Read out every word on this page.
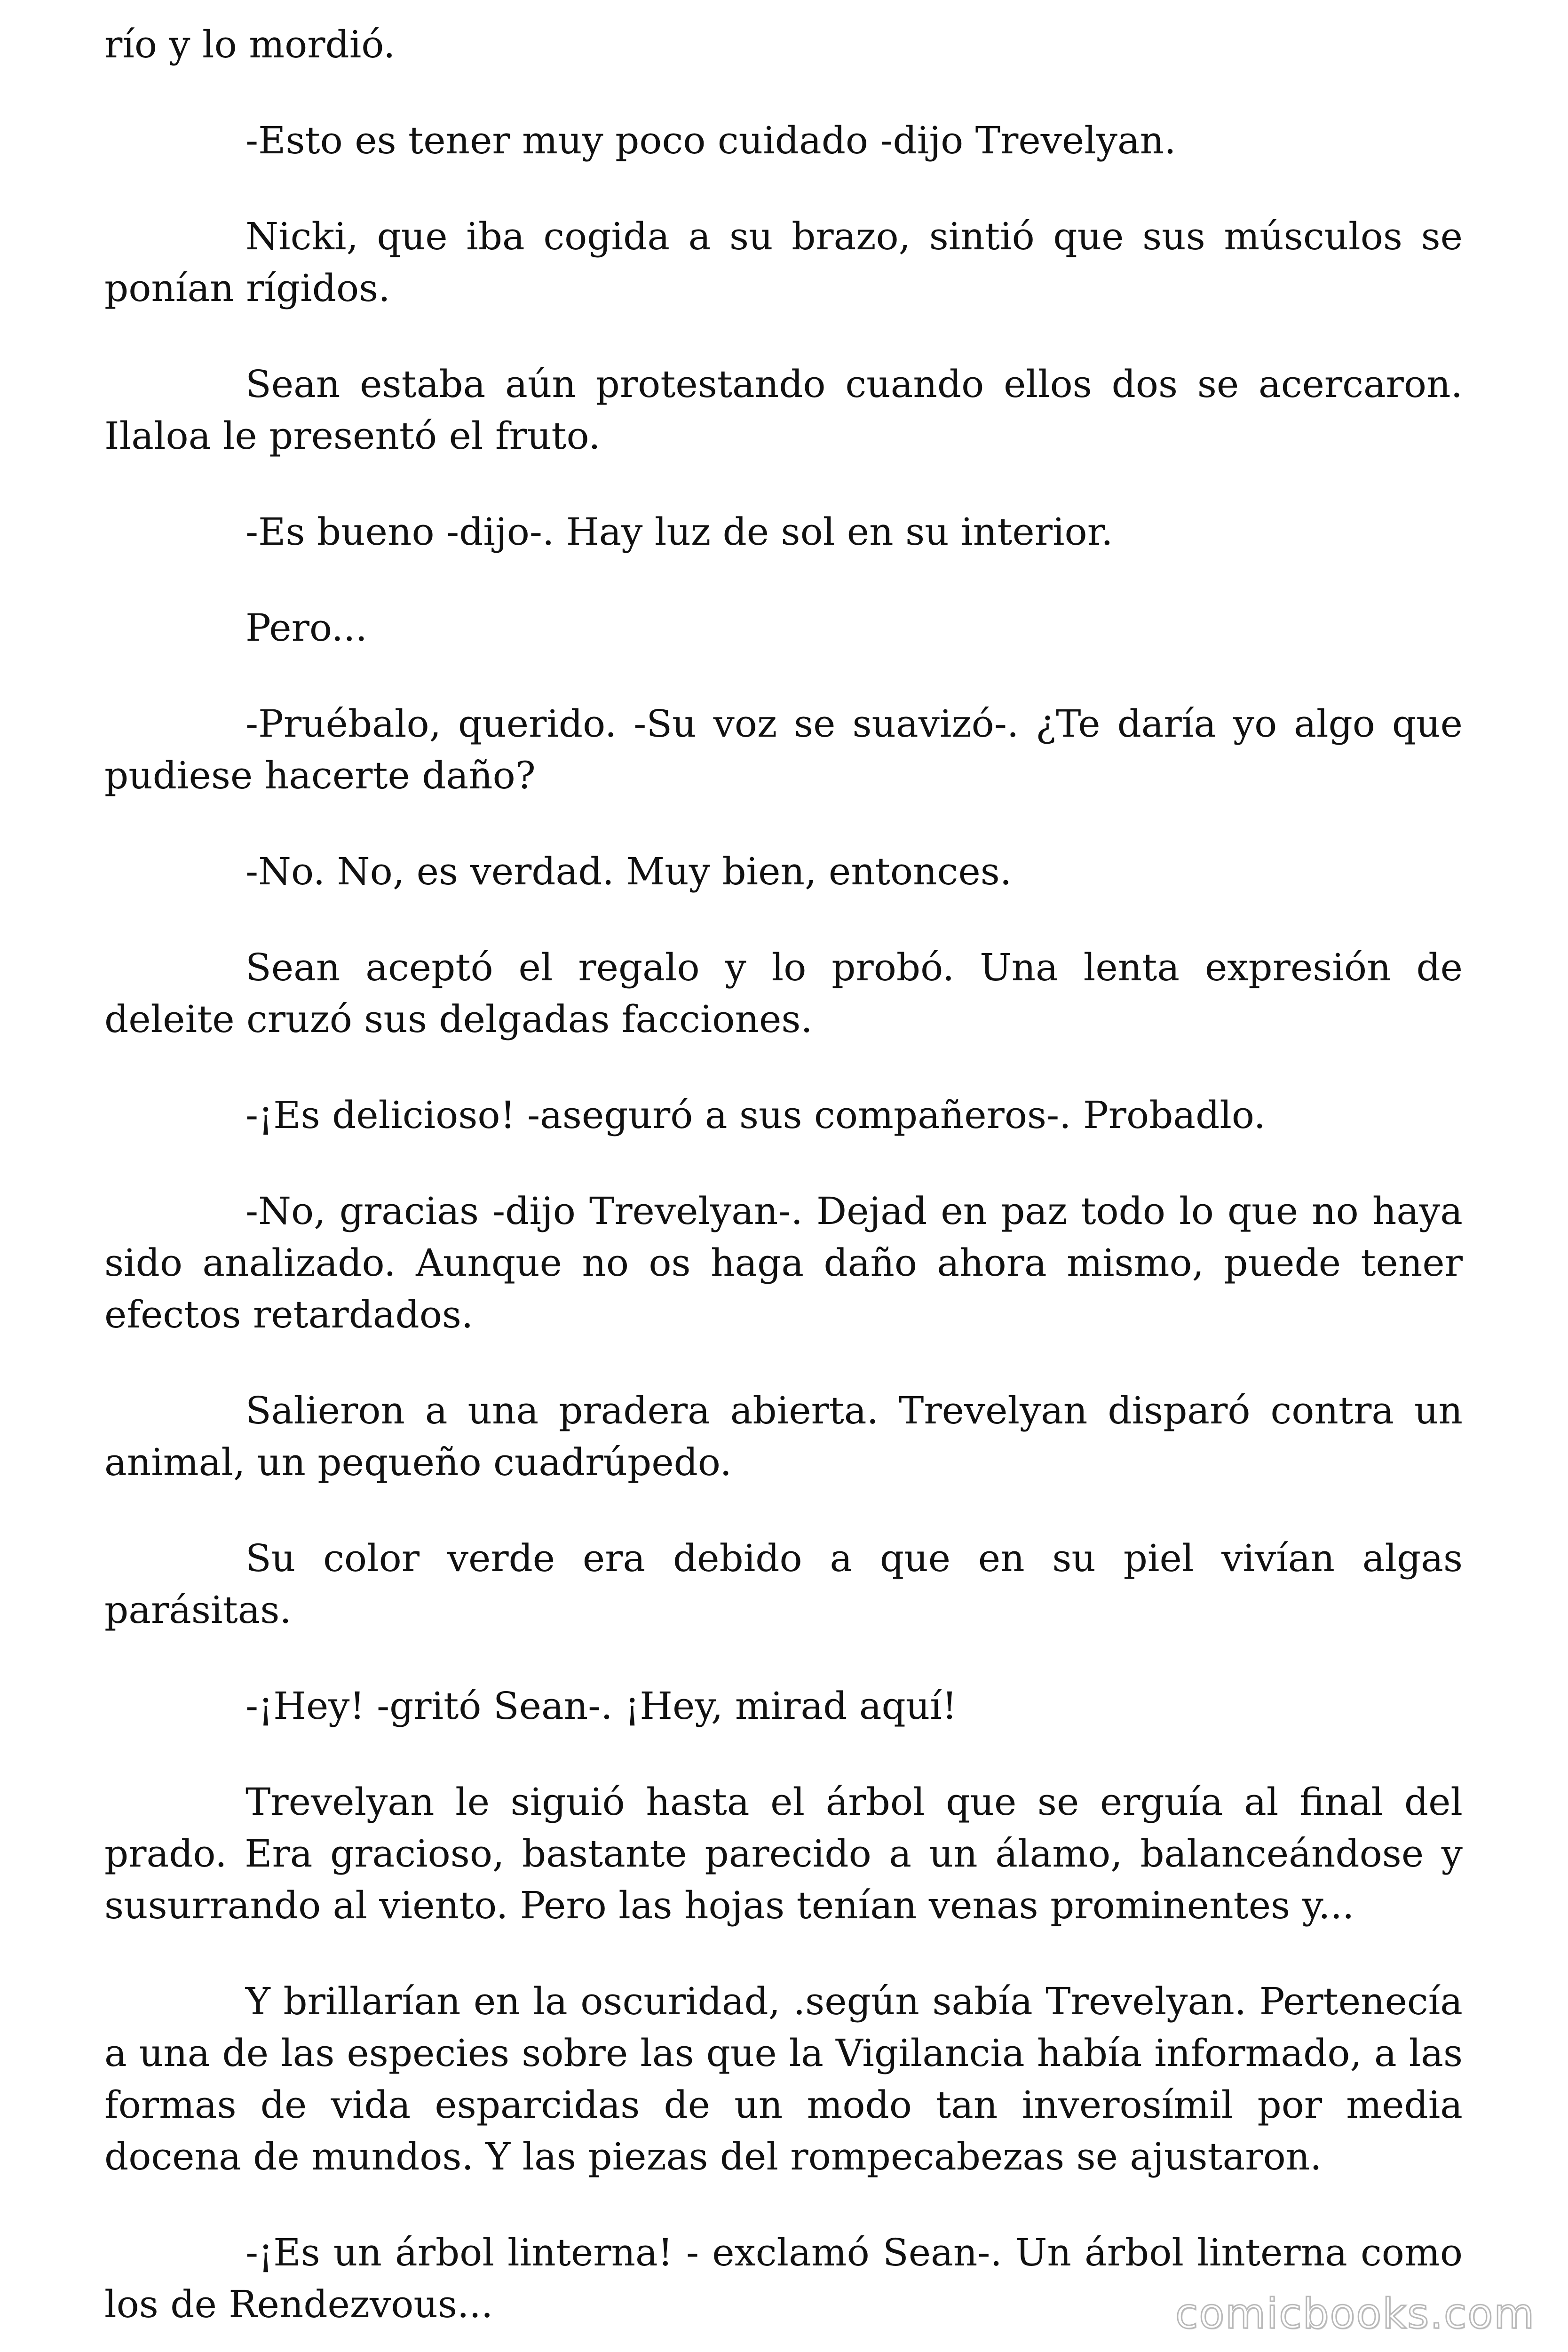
río y lo mordió.

-Esto es tener muy poco cuidado -dijo Trevelyan.

Nicki, que iba cogida a su brazo, sintió que sus músculos se ponían rígidos.

Sean estaba aún protestando cuando ellos dos se acercaron. Ilaloa le presentó el fruto.

-Es bueno -dijo-. Hay luz de sol en su interior.

Pero...

-Pruébalo, querido. -Su voz se suavizó-. ¿Te daría yo algo que pudiese hacerte daño?

-No. No, es verdad. Muy bien, entonces.

Sean aceptó el regalo y lo probó. Una lenta expresión de deleite cruzó sus delgadas facciones.

-¡Es delicioso! -aseguró a sus compañeros-. Probadlo.

-No, gracias -dijo Trevelyan-. Dejad en paz todo lo que no haya sido analizado. Aunque no os haga daño ahora mismo, puede tener efectos retardados.

Salieron a una pradera abierta. Trevelyan disparó contra un animal, un pequeño cuadrúpedo.

Su color verde era debido a que en su piel vivían algas parásitas.

-¡Hey! -gritó Sean-. ¡Hey, mirad aquí!

Trevelyan le siguió hasta el árbol que se erguía al final del prado. Era gracioso, bastante parecido a un álamo, balanceándose y susurrando al viento. Pero las hojas tenían venas prominentes y...

Y brillarían en la oscuridad, .según sabía Trevelyan. Pertenecía a una de las especies sobre las que la Vigilancia había informado, a las formas de vida esparcidas de un modo tan inverosímil por media docena de mundos. Y las piezas del rompecabezas se ajustaron.

-¡Es un árbol linterna! - exclamó Sean-. Un árbol linterna como los de Rendezvous...	comicbooks.com
